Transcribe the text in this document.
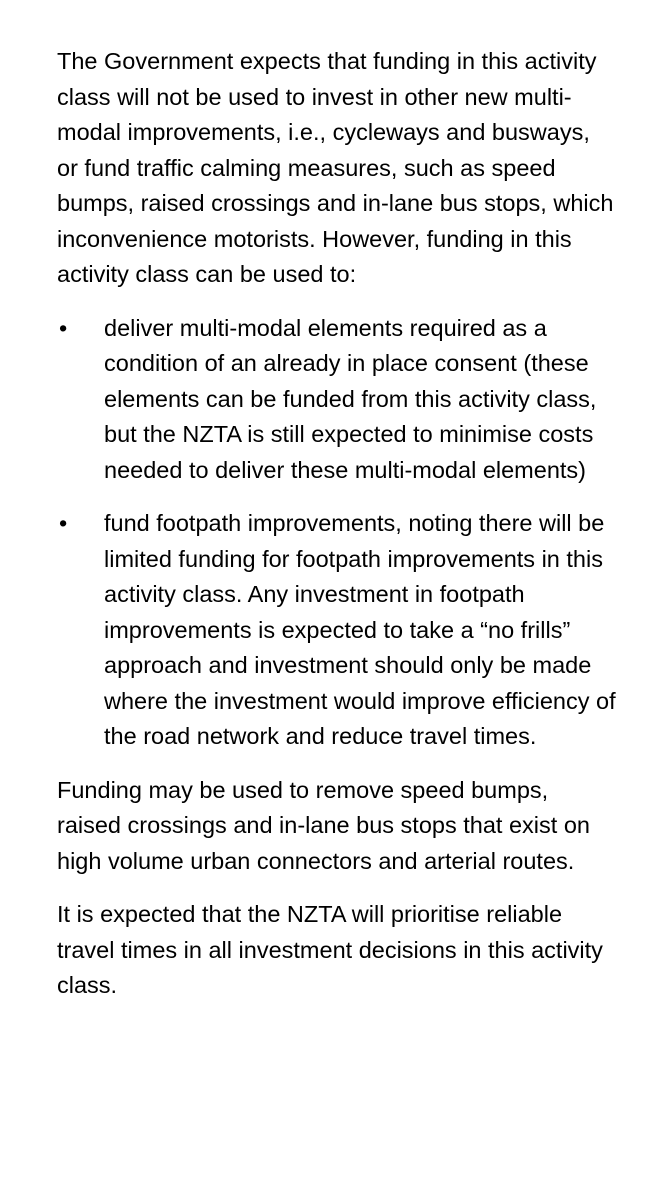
The Government expects that funding in this activity class will not be used to invest in other new multi-modal improvements, i.e., cycleways and busways, or fund traffic calming measures, such as speed bumps, raised crossings and in-lane bus stops, which inconvenience motorists. However, funding in this activity class can be used to:

•	deliver multi-modal elements required as a condition of an already in place consent (these elements can be funded from this activity class, but the NZTA is still expected to minimise costs needed to deliver these multi-modal elements)
•	fund footpath improvements, noting there will be limited funding for footpath improvements in this activity class. Any investment in footpath improvements is expected to take a “no frills” approach and investment should only be made where the investment would improve efficiency of the road network and reduce travel times.

Funding may be used to remove speed bumps, raised crossings and in-lane bus stops that exist on high volume urban connectors and arterial routes.

It is expected that the NZTA will prioritise reliable travel times in all investment decisions in this activity class.
